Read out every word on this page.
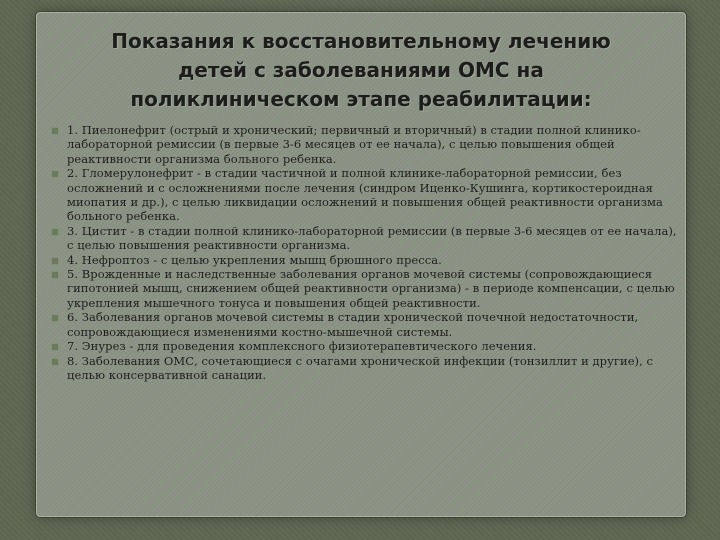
Показания к восстановительному лечению
детей с заболеваниями ОМС на
поликлиническом этапе реабилитации:
1. Пиелонефрит (острый и хронический; первичный и вторичный) в стадии полной клинико-лабораторной ремиссии (в первые 3-6 месяцев от ее начала), с целью повышения общей реактивности организма больного ребенка.
2. Гломерулонефрит - в стадии частичной и полной клинике-лабораторной ремиссии, без осложнений и с осложнениями после лечения (синдром Иценко-Кушинга, кортикостероидная миопатия и др.), с целью ликвидации осложнений и повышения общей реактивности организма больного ребенка.
3. Цистит - в стадии полной клинико-лабораторной ремиссии (в первые 3-6 месяцев от ее начала), с целью повышения реактивности организма.
4. Нефроптоз - с целью укрепления мышц брюшного пресса.
5. Врожденные и наследственные заболевания органов мочевой системы (сопровождающиеся гипотонией мышц, снижением общей реактивности организма) - в периоде компенсации, с целью укрепления мышечного тонуса и повышения общей реактивности.
6. Заболевания органов мочевой системы в стадии хронической почечной недостаточности, сопровождающиеся изменениями костно-мышечной системы.
7. Энурез - для проведения комплексного физиотерапевтического лечения.
8. Заболевания ОМС, сочетающиеся с очагами хронической инфекции (тонзиллит и другие), с целью консервативной санации.
